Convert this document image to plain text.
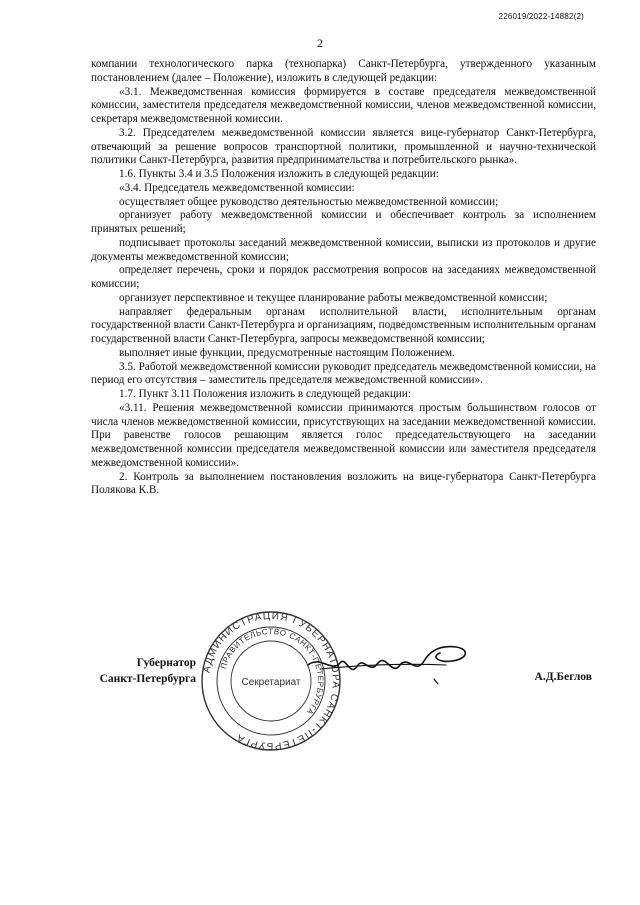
226019/2022-14882(2)
2

компании технологического парка (технопарка) Санкт-Петербурга, утвержденного указанным постановлением (далее – Положение), изложить в следующей редакции:

«3.1. Межведомственная комиссия формируется в составе председателя межведомственной комиссии, заместителя председателя межведомственной комиссии, членов межведомственной комиссии, секретаря межведомственной комиссии.

3.2. Председателем межведомственной комиссии является вице-губернатор Санкт-Петербурга, отвечающий за решение вопросов транспортной политики, промышленной и научно-технической политики Санкт-Петербурга, развития предпринимательства и потребительского рынка».

1.6. Пункты 3.4 и 3.5 Положения изложить в следующей редакции:

«3.4. Председатель межведомственной комиссии:

осуществляет общее руководство деятельностью межведомственной комиссии;

организует работу межведомственной комиссии и обеспечивает контроль за исполнением принятых решений;

подписывает протоколы заседаний межведомственной комиссии, выписки из протоколов и другие документы межведомственной комиссии;

определяет перечень, сроки и порядок рассмотрения вопросов на заседаниях межведомственной комиссии;

организует перспективное и текущее планирование работы межведомственной комиссии;

направляет федеральным органам исполнительной власти, исполнительным органам государственной власти Санкт-Петербурга и организациям, подведомственным исполнительным органам государственной власти Санкт-Петербурга, запросы межведомственной комиссии;

выполняет иные функции, предусмотренные настоящим Положением.

3.5. Работой межведомственной комиссии руководит председатель межведомственной комиссии, на период его отсутствия – заместитель председателя межведомственной комиссии».

1.7. Пункт 3.11 Положения изложить в следующей редакции:

«3.11. Решения межведомственной комиссии принимаются простым большинством голосов от числа членов межведомственной комиссии, присутствующих на заседании межведомственной комиссии. При равенстве голосов решающим является голос председательствующего на заседании межведомственной комиссии председателя межведомственной комиссии или заместителя председателя межведомственной комиссии».

2. Контроль за выполнением постановления возложить на вице-губернатора Санкт-Петербурга Полякова К.В.

Губернатор
Санкт-Петербурга
АДМИНИСТРАЦИЯ ГУБЕРНАТОРА САНКТ-ПЕТЕРБУРГА
ПРАВИТЕЛЬСТВО САНКТ-ПЕТЕРБУРГА
Секретариат	А.Д.Беглов
